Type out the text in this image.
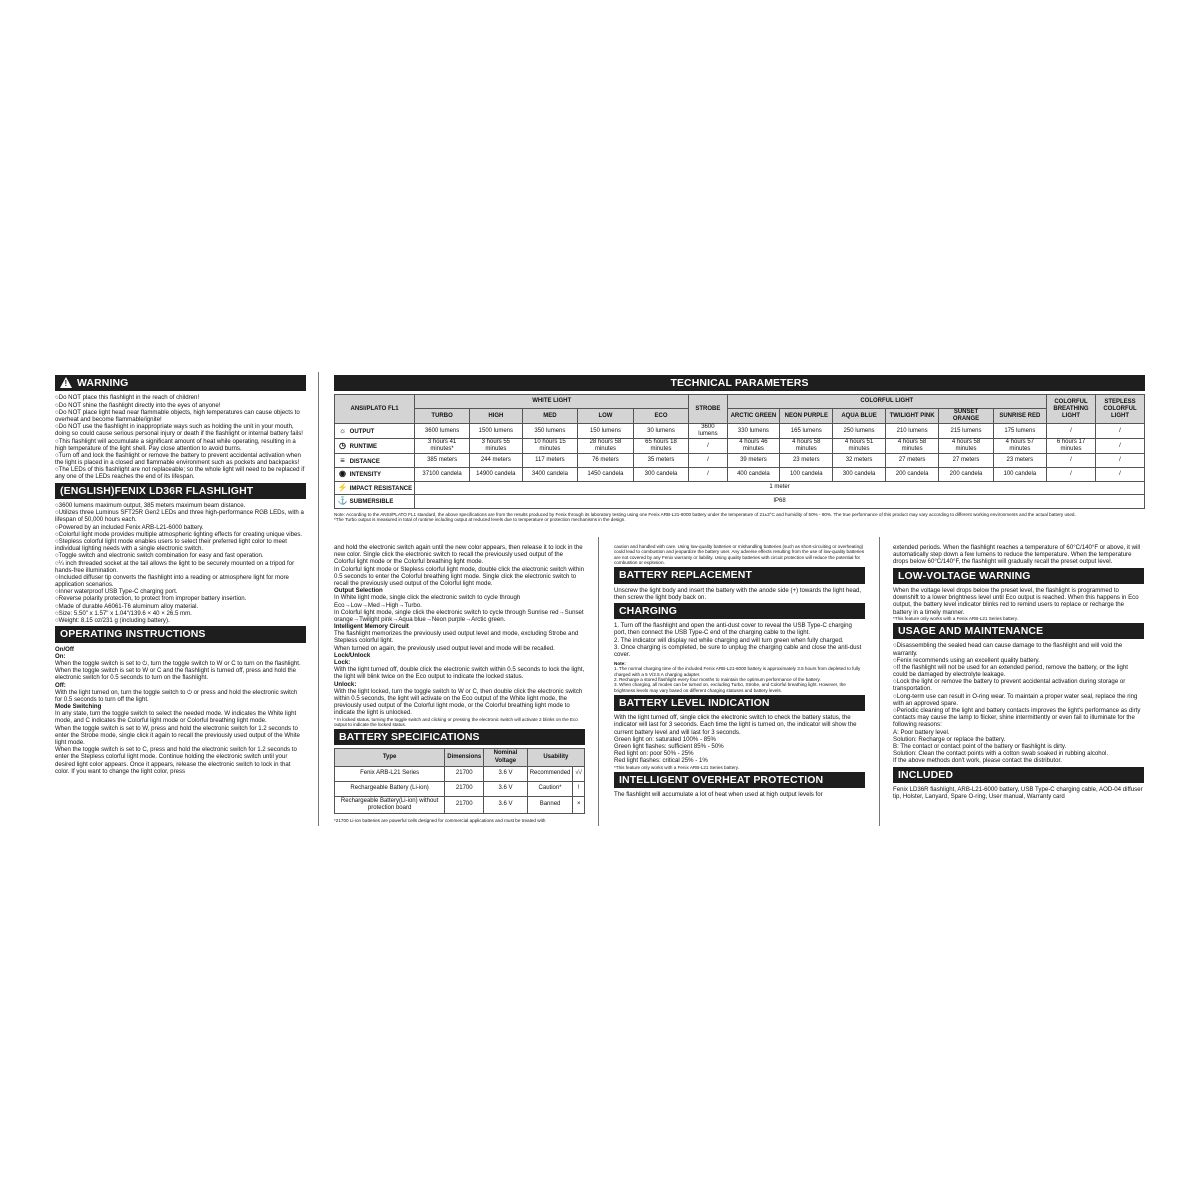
!WARNING

○Do NOT place this flashlight in the reach of children!

○Do NOT shine the flashlight directly into the eyes of anyone!

○Do NOT place light head near flammable objects, high temperatures can cause objects to overheat and become flammable/ignite!

○Do NOT use the flashlight in inappropriate ways such as holding the unit in your mouth, doing so could cause serious personal injury or death if the flashlight or internal battery fails!

○This flashlight will accumulate a significant amount of heat while operating, resulting in a high temperature of the light shell. Pay close attention to avoid burns.

○Turn off and lock the flashlight or remove the battery to prevent accidental activation when the light is placed in a closed and flammable environment such as pockets and backpacks!

○The LEDs of this flashlight are not replaceable; so the whole light will need to be replaced if any one of the LEDs reaches the end of its lifespan.

(ENGLISH)FENIX LD36R FLASHLIGHT

○3600 lumens maximum output, 385 meters maximum beam distance.

○Utilizes three Luminus SFT25R Gen2 LEDs and three high-performance RGB LEDs, with a lifespan of 50,000 hours each.

○Powered by an included Fenix ARB-L21-6000 battery.

○Colorful light mode provides multiple atmospheric lighting effects for creating unique vibes.

○Stepless colorful light mode enables users to select their preferred light color to meet individual lighting needs with a single electronic switch.

○Toggle switch and electronic switch combination for easy and fast operation.

○¼ inch threaded socket at the tail allows the light to be securely mounted on a tripod for hands-free illumination.

○Included diffuser tip converts the flashlight into a reading or atmosphere light for more application scenarios.

○Inner waterproof USB Type-C charging port.

○Reverse polarity protection, to protect from improper battery insertion.

○Made of durable A6061-T6 aluminum alloy material.

○Size: 5.50" x 1.57" x 1.04"/139.6 × 40 × 26.5 mm.

○Weight: 8.15 oz/231 g (including battery).

OPERATING INSTRUCTIONS

On/Off

On:

When the toggle switch is set to ⏻, turn the toggle switch to W or C to turn on the flashlight.

When the toggle switch is set to W or C and the flashlight is turned off, press and hold the electronic switch for 0.5 seconds to turn on the flashlight.

Off:

With the light turned on, turn the toggle switch to ⏻ or press and hold the electronic switch for 0.5 seconds to turn off the light.

Mode Switching

In any state, turn the toggle switch to select the needed mode. W indicates the White light mode, and C indicates the Colorful light mode or Colorful breathing light mode.

When the toggle switch is set to W, press and hold the electronic switch for 1.2 seconds to enter the Strobe mode, single click it again to recall the previously used output of the White light mode.

When the toggle switch is set to C, press and hold the electronic switch for 1.2 seconds to enter the Stepless colorful light mode. Continue holding the electronic switch until your desired light color appears. Once it appears, release the electronic switch to lock in that color. If you want to change the light color, press

TECHNICAL PARAMETERS
ANSI/PLATO FL1	WHITE LIGHT					STROBE	COLORFUL LIGHT						COLORFUL BREATHING LIGHT	STEPLESS COLORFUL LIGHT
	TURBO	HIGH	MED	LOW	ECO		ARCTIC GREEN	NEON PURPLE	AQUA BLUE	TWILIGHT PINK	SUNSET ORANGE	SUNRISE RED		
☼ OUTPUT	3600 lumens	1500 lumens	350 lumens	150 lumens	30 lumens	3600 lumens	330 lumens	165 lumens	250 lumens	210 lumens	215 lumens	175 lumens	/	/
◷ RUNTIME	3 hours 41 minutes*	3 hours 55 minutes	10 hours 15 minutes	28 hours 58 minutes	65 hours 18 minutes	/	4 hours 46 minutes	4 hours 58 minutes	4 hours 51 minutes	4 hours 58 minutes	4 hours 58 minutes	4 hours 57 minutes	6 hours 17 minutes	/
≡ DISTANCE	385 meters	244 meters	117 meters	76 meters	35 meters	/	39 meters	23 meters	32 meters	27 meters	27 meters	23 meters	/	/
◉ INTENSITY	37100 candela	14900 candela	3400 candela	1450 candela	300 candela	/	400 candela	100 candela	300 candela	200 candela	200 candela	100 candela	/	/
⚡ IMPACT RESISTANCE	1 meter													
⚓ SUBMERSIBLE	IP68													

Note: According to the ANSI/PLATO FL1 standard, the above specifications are from the results produced by Fenix through its laboratory testing using one Fenix ARB-L21-6000 battery under the temperature of 21±3°C and humidity of 50% - 80%. The true performance of this product may vary according to different working environments and the actual battery used.

*The Turbo output is measured in total of runtime including output at reduced levels due to temperature or protection mechanisms in the design.

and hold the electronic switch again until the new color appears, then release it to lock in the new color. Single click the electronic switch to recall the previously used output of the Colorful light mode or the Colorful breathing light mode.

In Colorful light mode or Stepless colorful light mode, double click the electronic switch within 0.5 seconds to enter the Colorful breathing light mode. Single click the electronic switch to recall the previously used output of the Colorful light mode.

Output Selection

In White light mode, single click the electronic switch to cycle through Eco→Low→Med→High→Turbo.

In Colorful light mode, single click the electronic switch to cycle through Sunrise red→Sunset orange→Twilight pink→Aqua blue→Neon purple→Arctic green.

Intelligent Memory Circuit

The flashlight memorizes the previously used output level and mode, excluding Strobe and Stepless colorful light.

When turned on again, the previously used output level and mode will be recalled.

Lock/Unlock

Lock:

With the light turned off, double click the electronic switch within 0.5 seconds to lock the light, the light will blink twice on the Eco output to indicate the locked status.

Unlock:

With the light locked, turn the toggle switch to W or C, then double click the electronic switch within 0.5 seconds, the light will activate on the Eco output of the White light mode, the previously used output of the Colorful light mode, or the Colorful breathing light mode to indicate the light is unlocked.

* In locked status, turning the toggle switch and clicking or pressing the electronic switch will activate 2 blinks on the Eco output to indicate the locked status.

BATTERY SPECIFICATIONS
Type	Dimensions	Nominal Voltage	Usability	
Fenix ARB-L21 Series	21700	3.6 V	Recommended	√√
Rechargeable Battery (Li-ion)	21700	3.6 V	Caution*	!
Rechargeable Battery(Li-ion) without protection board	21700	3.6 V	Banned	×

*21700 Li-ion batteries are powerful cells designed for commercial applications and must be treated with

caution and handled with care. Using low-quality batteries or mishandling batteries (such as short-circuiting or overheating) could lead to combustion and jeopardize the battery user. Any adverse effects resulting from the use of low-quality batteries are not covered by any Fenix warranty or liability. Using quality batteries with circuit protection will reduce the potential for combustion or explosion.

BATTERY REPLACEMENT

Unscrew the light body and insert the battery with the anode side (+) towards the light head, then screw the light body back on.

CHARGING

1. Turn off the flashlight and open the anti-dust cover to reveal the USB Type-C charging port, then connect the USB Type-C end of the charging cable to the light.

2. The indicator will display red while charging and will turn green when fully charged.

3. Once charging is completed, be sure to unplug the charging cable and close the anti-dust cover.

Note:

1. The normal charging time of the included Fenix ARB-L21-6000 battery is approximately 3.5 hours from depleted to fully charged with a 5 V/2.5 A charging adapter.

2. Recharge a stored flashlight every four months to maintain the optimum performance of the battery.

3. When charging, all modes can be turned on, excluding Turbo, Strobe, and Colorful breathing light. However, the brightness levels may vary based on different charging statuses and battery levels.

BATTERY LEVEL INDICATION

With the light turned off, single click the electronic switch to check the battery status, the indicator will last for 3 seconds. Each time the light is turned on, the indicator will show the current battery level and will last for 3 seconds.

Green light on: saturated 100% - 85%

Green light flashes: sufficient 85% - 50%

Red light on: poor 50% - 25%

Red light flashes: critical 25% - 1%

*This feature only works with a Fenix ARB-L21 Series battery.

INTELLIGENT OVERHEAT PROTECTION

The flashlight will accumulate a lot of heat when used at high output levels for

extended periods. When the flashlight reaches a temperature of 60°C/140°F or above, it will automatically step down a few lumens to reduce the temperature. When the temperature drops below 60°C/140°F, the flashlight will gradually recall the preset output level.

LOW-VOLTAGE WARNING

When the voltage level drops below the preset level, the flashlight is programmed to downshift to a lower brightness level until Eco output is reached. When this happens in Eco output, the battery level indicator blinks red to remind users to replace or recharge the battery in a timely manner.

*This feature only works with a Fenix ARB-L21 Series battery.

USAGE AND MAINTENANCE

○Disassembling the sealed head can cause damage to the flashlight and will void the warranty.

○Fenix recommends using an excellent quality battery.

○If the flashlight will not be used for an extended period, remove the battery, or the light could be damaged by electrolyte leakage.

○Lock the light or remove the battery to prevent accidental activation during storage or transportation.

○Long-term use can result in O-ring wear. To maintain a proper water seal, replace the ring with an approved spare.

○Periodic cleaning of the light and battery contacts improves the light's performance as dirty contacts may cause the lamp to flicker, shine intermittently or even fail to illuminate for the following reasons:

A: Poor battery level.

Solution: Recharge or replace the battery.

B: The contact or contact point of the battery or flashlight is dirty.

Solution: Clean the contact points with a cotton swab soaked in rubbing alcohol.

If the above methods don't work, please contact the distributor.

INCLUDED

Fenix LD36R flashlight, ARB-L21-6000 battery, USB Type-C charging cable, AOD-04 diffuser tip, Holster, Lanyard, Spare O-ring, User manual, Warranty card
